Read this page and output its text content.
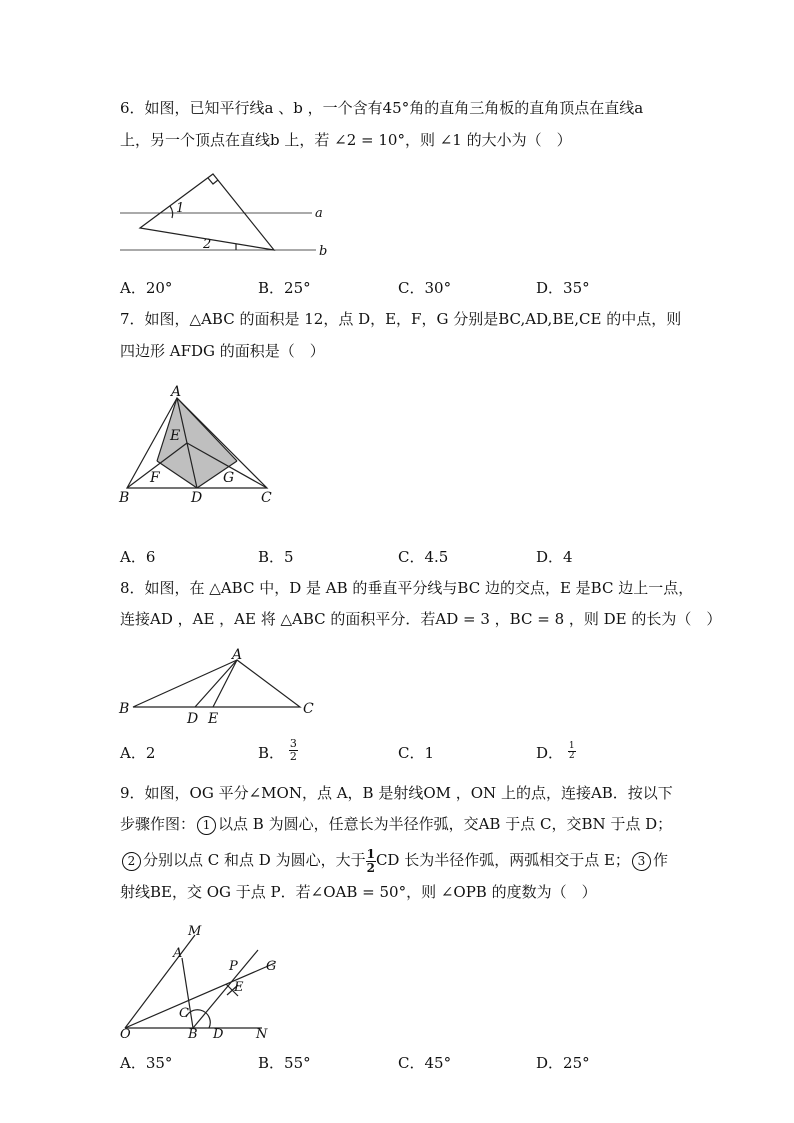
6．如图，已知平行线a 、b ，一个含有45°角的直角三角板的直角顶点在直线a
上，另一个顶点在直线b 上，若 ∠2 = 10°，则 ∠1 的大小为（　）
1
2
a
b
A．20°	B．25°	C．30°	D．35°
7．如图，△ABC 的面积是 12，点 D，E，F，G 分别是BC,AD,BE,CE 的中点，则
四边形 AFDG 的面积是（　）
A
B	C
D
E
F	G
A．6	B．5	C．4.5	D．4
8．如图，在 △ABC 中，D 是 AB 的垂直平分线与BC 边的交点，E 是BC 边上一点，
连接AD ，AE ，AE 将 △ABC 的面积平分．若AD = 3 ，BC = 8 ，则 DE 的长为（　）
A
B	C
D E
A．2	B． $\frac{3}{2}$	C．1	D． $\frac{1}{2}$
9．如图，OG 平分∠MON，点 A，B 是射线OM ，ON 上的点，连接AB．按以下
步骤作图： 1 以点 B 为圆心，任意长为半径作弧，交AB 于点 C，交BN 于点 D；
2 分别以点 C 和点 D 为圆心，大于 $\frac{1}{2}$ CD 长为半径作弧，两弧相交于点 E； 3 作
射线BE，交 OG 于点 P．若∠OAB = 50°，则 ∠OPB 的度数为（　）
M
A
P G
E
C
O	B D	N
A．35°	B．55°	C．45°	D．25°
